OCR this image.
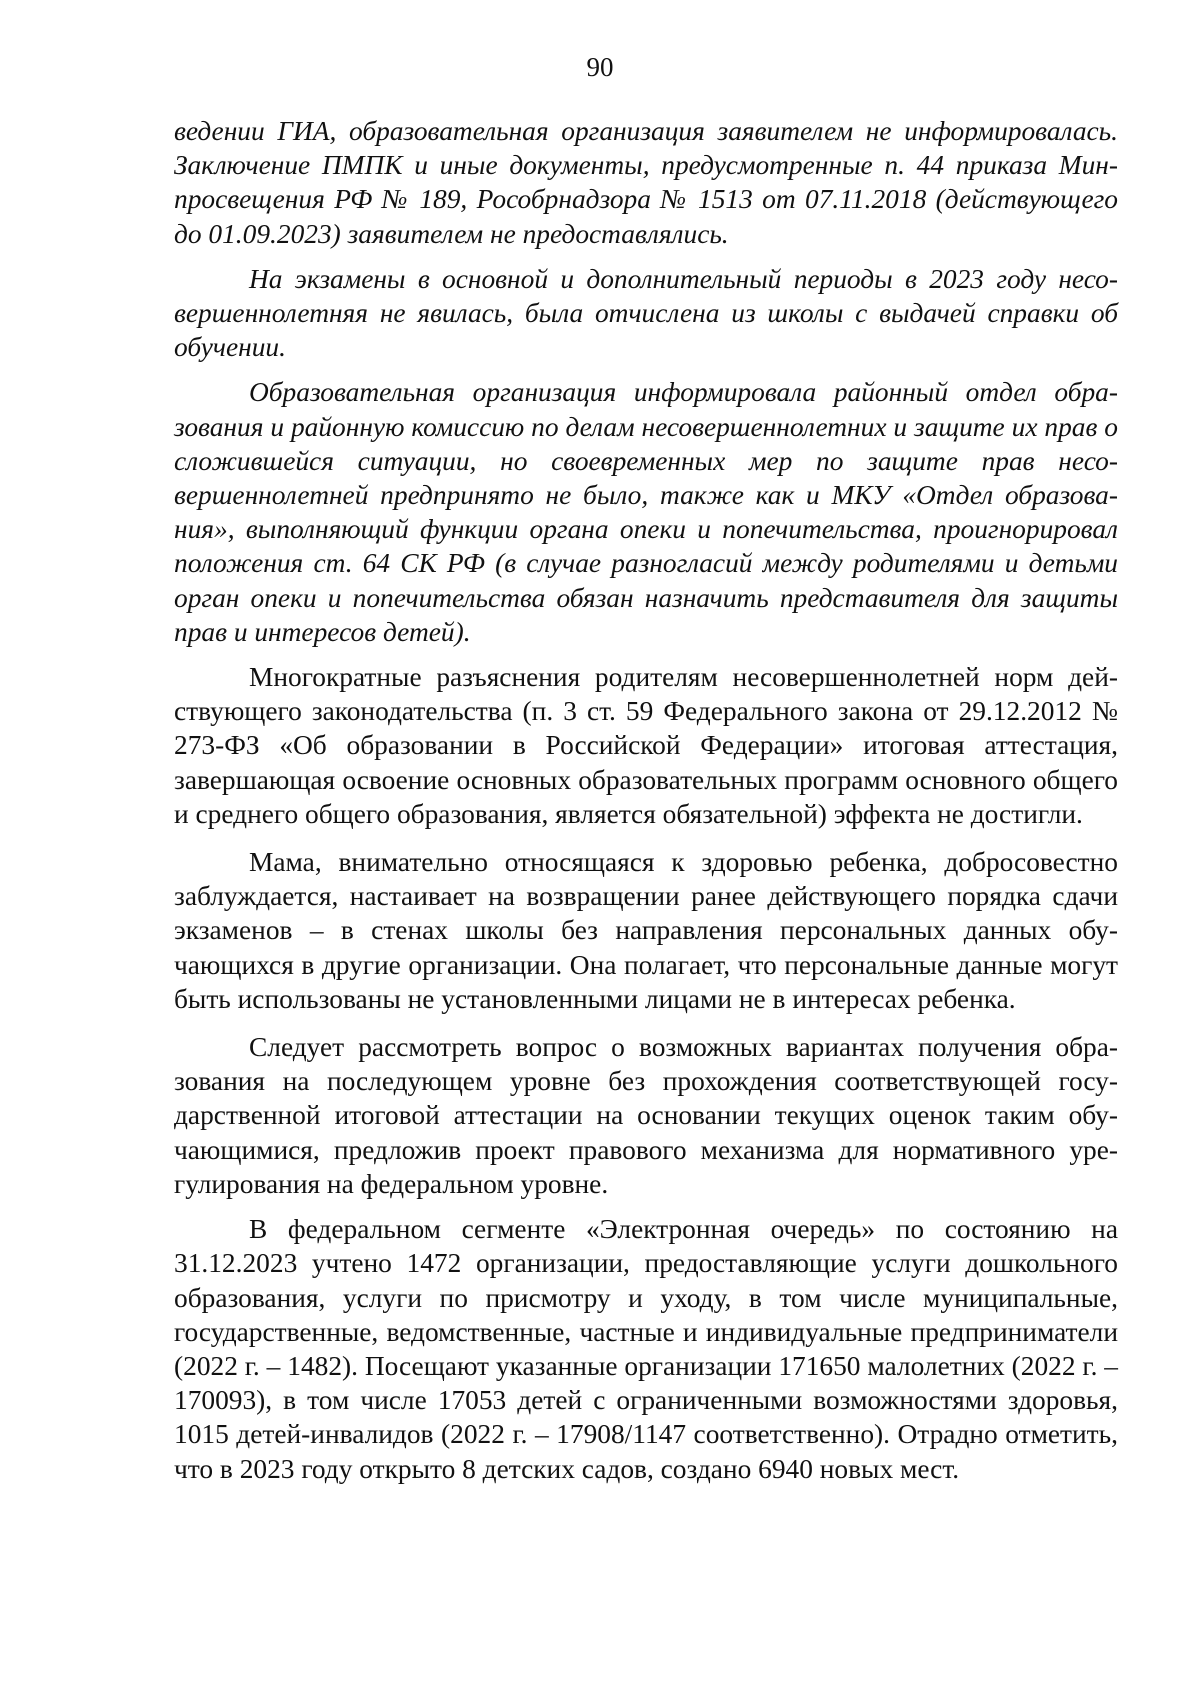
90

ведении ГИА, образовательная организация заявителем не информировалась. Заключение ПМПК и иные документы, предусмотренные п. 44 приказа Минпросвещения РФ № 189, Рособрнадзора № 1513 от 07.11.2018 (действующего до 01.09.2023) заявителем не предоставлялись.

На экзамены в основной и дополнительный периоды в 2023 году несовершеннолетняя не явилась, была отчислена из школы с выдачей справки об обучении.

Образовательная организация информировала районный отдел образования и районную комиссию по делам несовершеннолетних и защите их прав о сложившейся ситуации, но своевременных мер по защите прав несовершеннолетней предпринято не было, также как и МКУ «Отдел образования», выполняющий функции органа опеки и попечительства, проигнорировал положения ст. 64 СК РФ (в случае разногласий между родителями и детьми орган опеки и попечительства обязан назначить представителя для защиты прав и интересов детей).

Многократные разъяснения родителям несовершеннолетней норм действующего законодательства (п. 3 ст. 59 Федерального закона от 29.12.2012 № 273-ФЗ «Об образовании в Российской Федерации» итоговая аттестация, завершающая освоение основных образовательных программ основного общего и среднего общего образования, является обязательной) эффекта не достигли.

Мама, внимательно относящаяся к здоровью ребенка, добросовестно заблуждается, настаивает на возвращении ранее действующего порядка сдачи экзаменов – в стенах школы без направления персональных данных обучающихся в другие организации. Она полагает, что персональные данные могут быть использованы не установленными лицами не в интересах ребенка.

Следует рассмотреть вопрос о возможных вариантах получения образования на последующем уровне без прохождения соответствующей государственной итоговой аттестации на основании текущих оценок таким обучающимися, предложив проект правового механизма для нормативного урегулирования на федеральном уровне.

В федеральном сегменте «Электронная очередь» по состоянию на 31.12.2023 учтено 1472 организации, предоставляющие услуги дошкольного образования, услуги по присмотру и уходу, в том числе муниципальные, государственные, ведомственные, частные и индивидуальные предприниматели (2022 г. – 1482). Посещают указанные организации 171650 малолетних (2022 г. – 170093), в том числе 17053 детей с ограниченными возможностями здоровья, 1015 детей-инвалидов (2022 г. – 17908/1147 соответственно). Отрадно отметить, что в 2023 году открыто 8 детских садов, создано 6940 новых мест.
